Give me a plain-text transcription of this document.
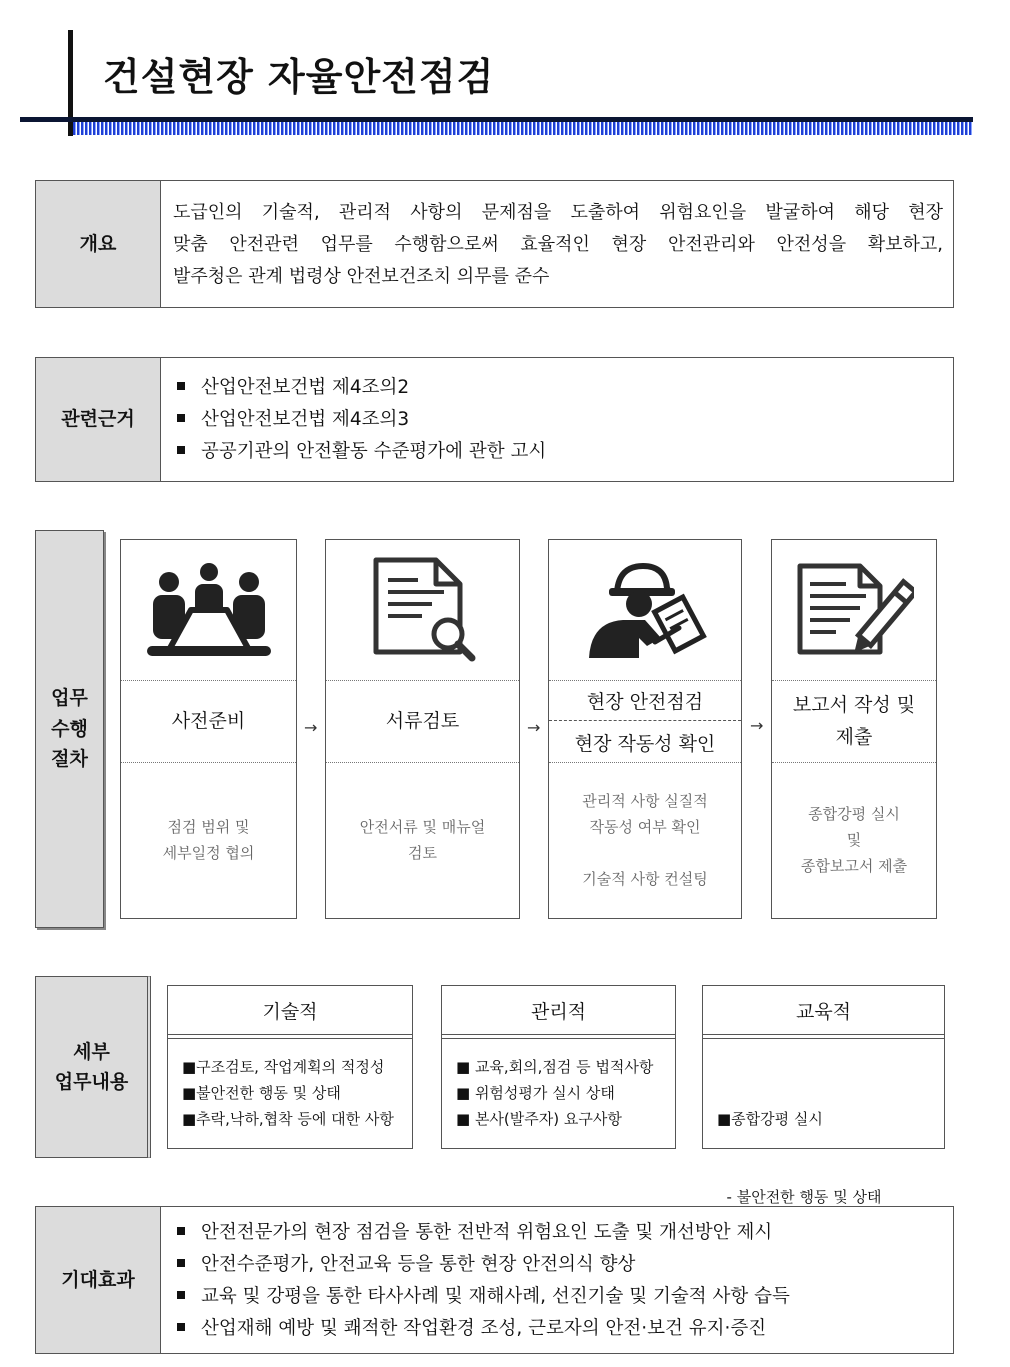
건설현장 자율안전점검
개요
도급인의 기술적, 관리적 사항의 문제점을 도출하여 위험요인을 발굴하여 해당 현장
맞춤 안전관련 업무를 수행함으로써 효율적인 현장 안전관리와 안전성을 확보하고,
발주청은 관계 법령상 안전보건조치 의무를 준수
관련근거
산업안전보건법 제4조의2
산업안전보건법 제4조의3
공공기관의 안전활동 수준평가에 관한 고시
업무
수행
절차
사전준비
점검 범위 및
세부일정 협의
→	서류검토
안전서류 및 매뉴얼
검토
→
현장 안전점검
현장 작동성 확인
관리적 사항 실질적
작동성 여부 확인
기술적 사항 컨설팅
→
보고서 작성 및
제출
종합강평 실시
및
종합보고서 제출
세부
업무내용
기술적
■구조검토, 작업계획의 적정성
■불안전한 행동 및 상태
■추락,낙하,협착 등에 대한 사항
관리적
■ 교육,회의,점검 등 법적사항
■ 위험성평가 실시 상태
■ 본사(발주자) 요구사항
교육적

■종합강평 실시

- 불안전한 행동 및 상태

기대효과
안전전문가의 현장 점검을 통한 전반적 위험요인 도출 및 개선방안 제시
안전수준평가, 안전교육 등을 통한 현장 안전의식 향상
교육 및 강평을 통한 타사사례 및 재해사례, 선진기술 및 기술적 사항 습득
산업재해 예방 및 쾌적한 작업환경 조성, 근로자의 안전·보건 유지·증진
